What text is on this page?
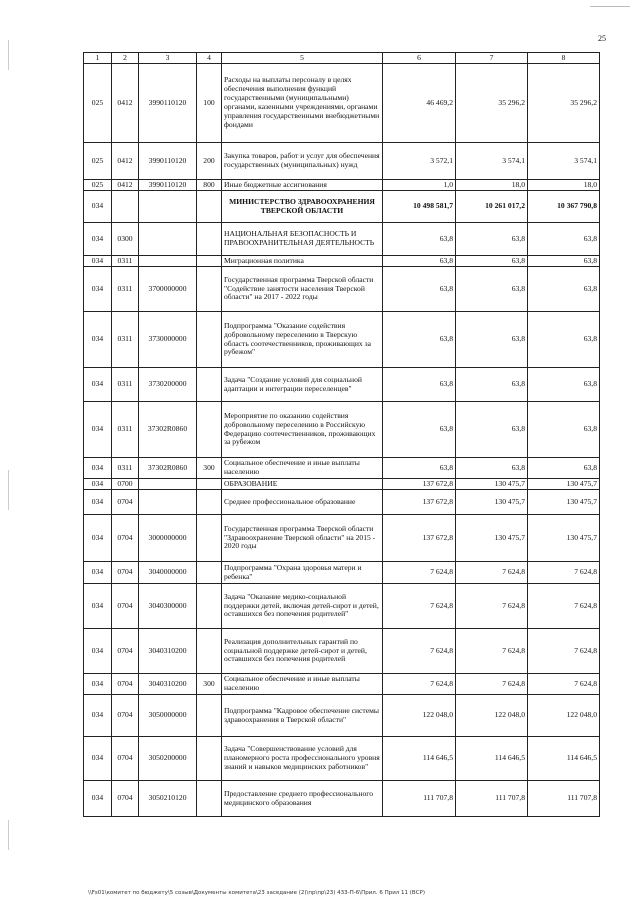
25
1	2	3	4	5	6	7	8
025	0412	3990110120	100	Расходы на выплаты персоналу в целях обеспечения выполнения функций государственными (муниципальными) органами, казенными учреждениями, органами управления государственными внебюджетными фондами	46 469,2	35 296,2	35 296,2
025	0412	3990110120	200	Закупка товаров, работ и услуг для обеспечения государственных (муниципальных) нужд	3 572,1	3 574,1	3 574,1
025	0412	3990110120	800	Иные бюджетные ассигнования	1,0	18,0	18,0
034				МИНИСТЕРСТВО ЗДРАВООХРАНЕНИЯ ТВЕРСКОЙ ОБЛАСТИ	10 498 581,7	10 261 017,2	10 367 790,8
034	0300			НАЦИОНАЛЬНАЯ БЕЗОПАСНОСТЬ И ПРАВООХРАНИТЕЛЬНАЯ ДЕЯТЕЛЬНОСТЬ	63,8	63,8	63,8
034	0311			Миграционная политика	63,8	63,8	63,8
034	0311	3700000000		Государственная программа Тверской области "Содействие занятости населения Тверской области" на 2017 - 2022 годы	63,8	63,8	63,8
034	0311	3730000000		Подпрограмма "Оказание содействия добровольному переселению в Тверскую область соотечественников, проживающих за рубежом"	63,8	63,8	63,8
034	0311	3730200000		Задача "Создание условий для социальной адаптации и интеграции переселенцев"	63,8	63,8	63,8
034	0311	37302R0860		Мероприятие по оказанию содействия добровольному переселению в Российскую Федерацию соотечественников, проживающих за рубежом	63,8	63,8	63,8
034	0311	37302R0860	300	Социальное обеспечение и иные выплаты населению	63,8	63,8	63,8
034	0700			ОБРАЗОВАНИЕ	137 672,8	130 475,7	130 475,7
034	0704			Среднее профессиональное образование	137 672,8	130 475,7	130 475,7
034	0704	3000000000		Государственная программа Тверской области "Здравоохранение Тверской области" на 2015 - 2020 годы	137 672,8	130 475,7	130 475,7
034	0704	3040000000		Подпрограмма "Охрана здоровья матери и ребенка"	7 624,8	7 624,8	7 624,8
034	0704	3040300000		Задача "Оказание медико-социальной поддержки детей, включая детей-сирот и детей, оставшихся без попечения родителей"	7 624,8	7 624,8	7 624,8
034	0704	3040310200		Реализация дополнительных гарантий по социальной поддержке детей-сирот и детей, оставшихся без попечения родителей	7 624,8	7 624,8	7 624,8
034	0704	3040310200	300	Социальное обеспечение и иные выплаты населению	7 624,8	7 624,8	7 624,8
034	0704	3050000000		Подпрограмма "Кадровое обеспечение системы здравоохранения в Тверской области"	122 048,0	122 048,0	122 048,0
034	0704	3050200000		Задача "Совершенствование условий для планомерного роста профессионального уровня знаний и навыков медицинских работников"	114 646,5	114 646,5	114 646,5
034	0704	3050210120		Предоставление среднего профессионального медицинского образования	111 707,8	111 707,8	111 707,8
\\Fs01\комитет по бюджету\5 созыв\Документы комитета\23 заседание (2)\пр\пр\23) 433-П-6\Прил. 6 Прил 11 (ВСР)
